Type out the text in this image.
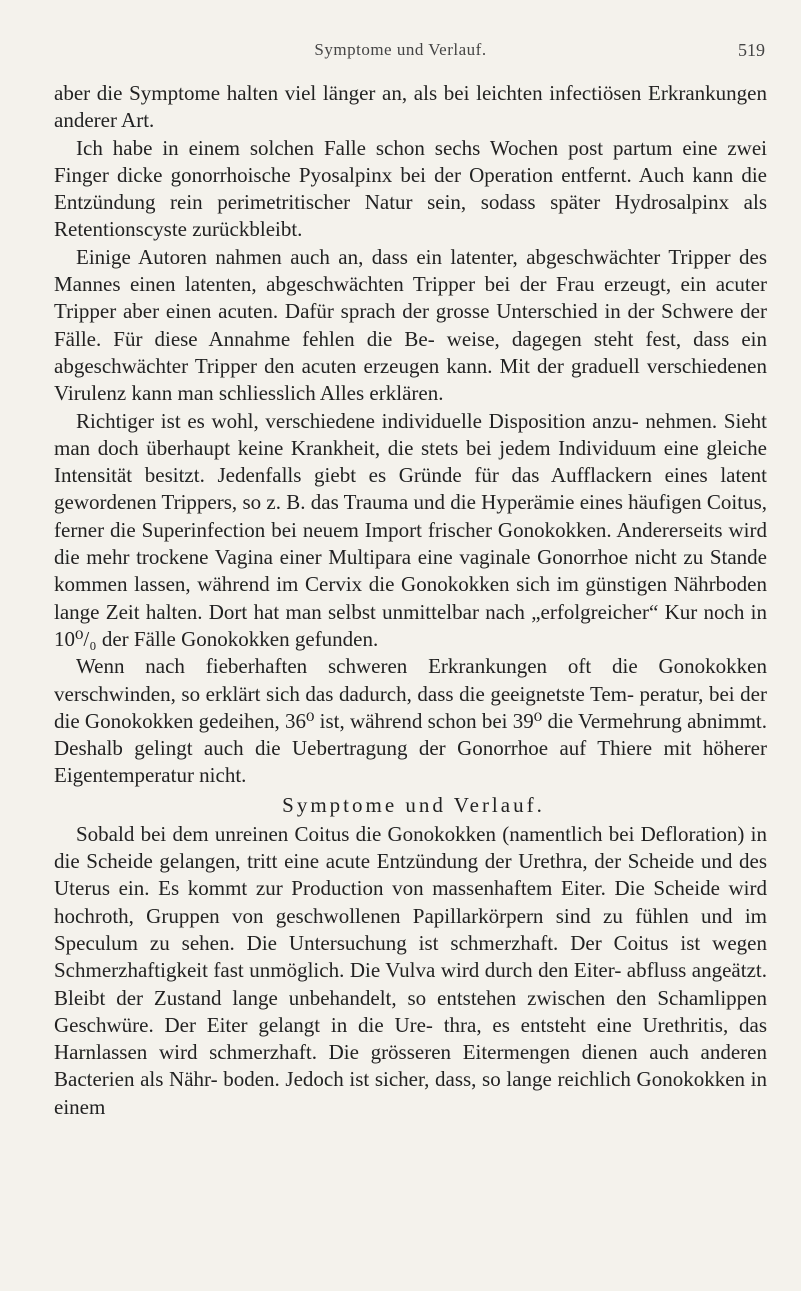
Symptome und Verlauf.	519

aber die Symptome halten viel länger an, als bei leichten infectiösen Erkrankungen anderer Art.

Ich habe in einem solchen Falle schon sechs Wochen post partum eine zwei Finger dicke gonorrhoische Pyosalpinx bei der Operation entfernt. Auch kann die Entzündung rein perimetritischer Natur sein, sodass später Hydrosalpinx als Retentionscyste zurückbleibt.

Einige Autoren nahmen auch an, dass ein latenter, abgeschwächter Tripper des Mannes einen latenten, abgeschwächten Tripper bei der Frau erzeugt, ein acuter Tripper aber einen acuten. Dafür sprach der grosse Unterschied in der Schwere der Fälle. Für diese Annahme fehlen die Be- weise, dagegen steht fest, dass ein abgeschwächter Tripper den acuten erzeugen kann. Mit der graduell verschiedenen Virulenz kann man schliesslich Alles erklären.

Richtiger ist es wohl, verschiedene individuelle Disposition anzu- nehmen. Sieht man doch überhaupt keine Krankheit, die stets bei jedem Individuum eine gleiche Intensität besitzt. Jedenfalls giebt es Gründe für das Aufflackern eines latent gewordenen Trippers, so z. B. das Trauma und die Hyperämie eines häufigen Coitus, ferner die Superinfection bei neuem Import frischer Gonokokken. Andererseits wird die mehr trockene Vagina einer Multipara eine vaginale Gonorrhoe nicht zu Stande kommen lassen, während im Cervix die Gonokokken sich im günstigen Nährboden lange Zeit halten. Dort hat man selbst unmittelbar nach „erfolgreicher“ Kur noch in 10⁰/₀ der Fälle Gonokokken gefunden.

Wenn nach fieberhaften schweren Erkrankungen oft die Gonokokken verschwinden, so erklärt sich das dadurch, dass die geeignetste Tem- peratur, bei der die Gonokokken gedeihen, 36⁰ ist, während schon bei 39⁰ die Vermehrung abnimmt. Deshalb gelingt auch die Uebertragung der Gonorrhoe auf Thiere mit höherer Eigentemperatur nicht.

Symptome und Verlauf.

Sobald bei dem unreinen Coitus die Gonokokken (namentlich bei Defloration) in die Scheide gelangen, tritt eine acute Entzündung der Urethra, der Scheide und des Uterus ein. Es kommt zur Production von massenhaftem Eiter. Die Scheide wird hochroth, Gruppen von geschwollenen Papillarkörpern sind zu fühlen und im Speculum zu sehen. Die Untersuchung ist schmerzhaft. Der Coitus ist wegen Schmerzhaftigkeit fast unmöglich. Die Vulva wird durch den Eiter- abfluss angeätzt. Bleibt der Zustand lange unbehandelt, so entstehen zwischen den Schamlippen Geschwüre. Der Eiter gelangt in die Ure- thra, es entsteht eine Urethritis, das Harnlassen wird schmerzhaft. Die grösseren Eitermengen dienen auch anderen Bacterien als Nähr- boden. Jedoch ist sicher, dass, so lange reichlich Gonokokken in einem
